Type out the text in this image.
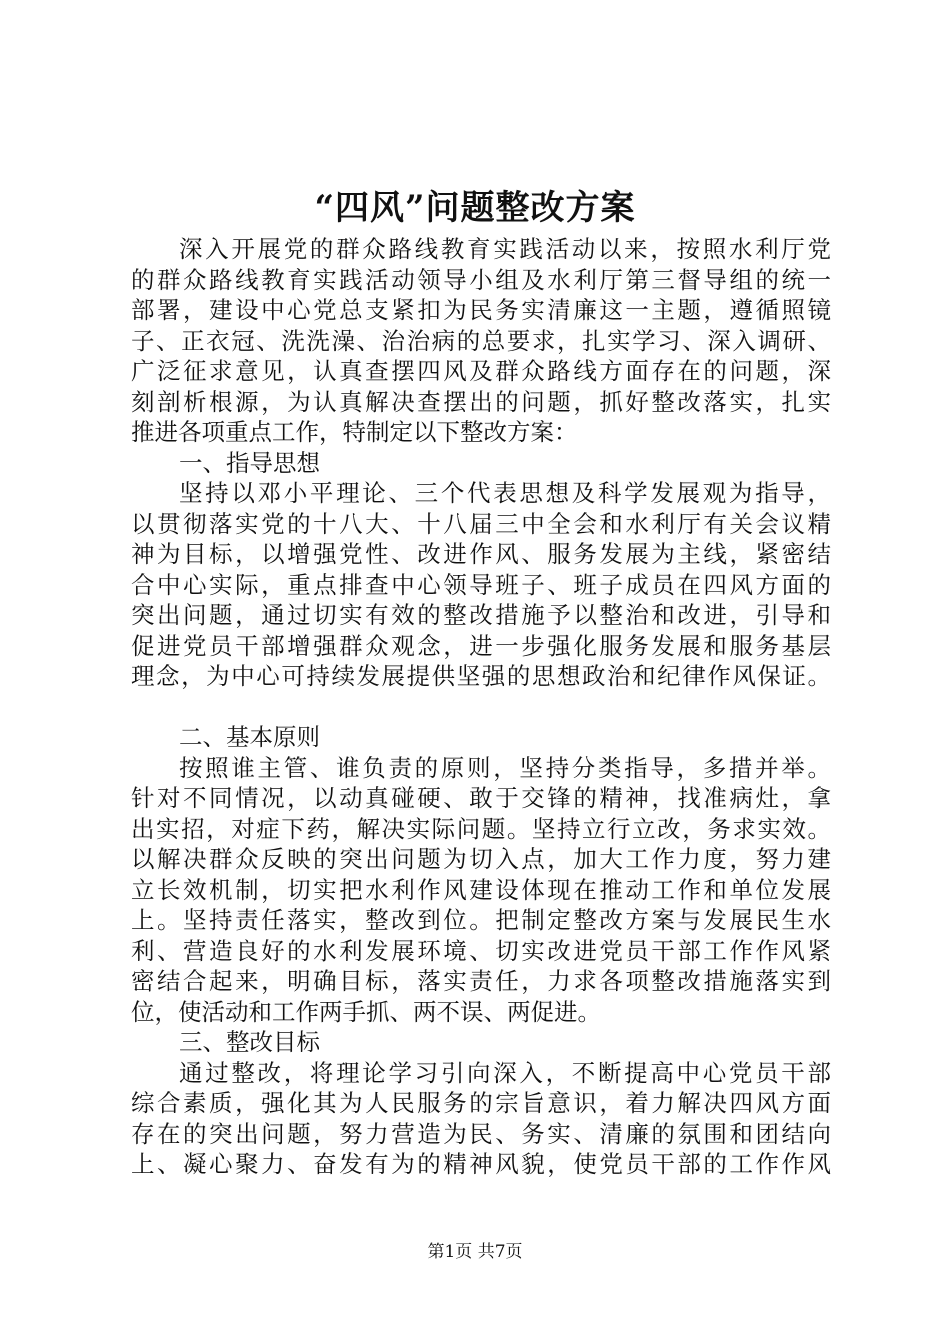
“四风”问题整改方案
深入开展党的群众路线教育实践活动以来，按照水利厅党
的群众路线教育实践活动领导小组及水利厅第三督导组的统一
部署，建设中心党总支紧扣为民务实清廉这一主题，遵循照镜
子、正衣冠、洗洗澡、治治病的总要求，扎实学习、深入调研、
广泛征求意见，认真查摆四风及群众路线方面存在的问题，深
刻剖析根源，为认真解决查摆出的问题，抓好整改落实，扎实
推进各项重点工作，特制定以下整改方案：
一、指导思想
坚持以邓小平理论、三个代表思想及科学发展观为指导，
以贯彻落实党的十八大、十八届三中全会和水利厅有关会议精
神为目标，以增强党性、改进作风、服务发展为主线，紧密结
合中心实际，重点排查中心领导班子、班子成员在四风方面的
突出问题，通过切实有效的整改措施予以整治和改进，引导和
促进党员干部增强群众观念，进一步强化服务发展和服务基层
理念，为中心可持续发展提供坚强的思想政治和纪律作风保证。
二、基本原则
按照谁主管、谁负责的原则，坚持分类指导，多措并举。
针对不同情况，以动真碰硬、敢于交锋的精神，找准病灶，拿
出实招，对症下药，解决实际问题。坚持立行立改，务求实效。
以解决群众反映的突出问题为切入点，加大工作力度，努力建
立长效机制，切实把水利作风建设体现在推动工作和单位发展
上。坚持责任落实，整改到位。把制定整改方案与发展民生水
利、营造良好的水利发展环境、切实改进党员干部工作作风紧
密结合起来，明确目标，落实责任，力求各项整改措施落实到
位，使活动和工作两手抓、两不误、两促进。
三、整改目标
通过整改，将理论学习引向深入，不断提高中心党员干部
综合素质，强化其为人民服务的宗旨意识，着力解决四风方面
存在的突出问题，努力营造为民、务实、清廉的氛围和团结向
上、凝心聚力、奋发有为的精神风貌，使党员干部的工作作风
第1页 共7页
